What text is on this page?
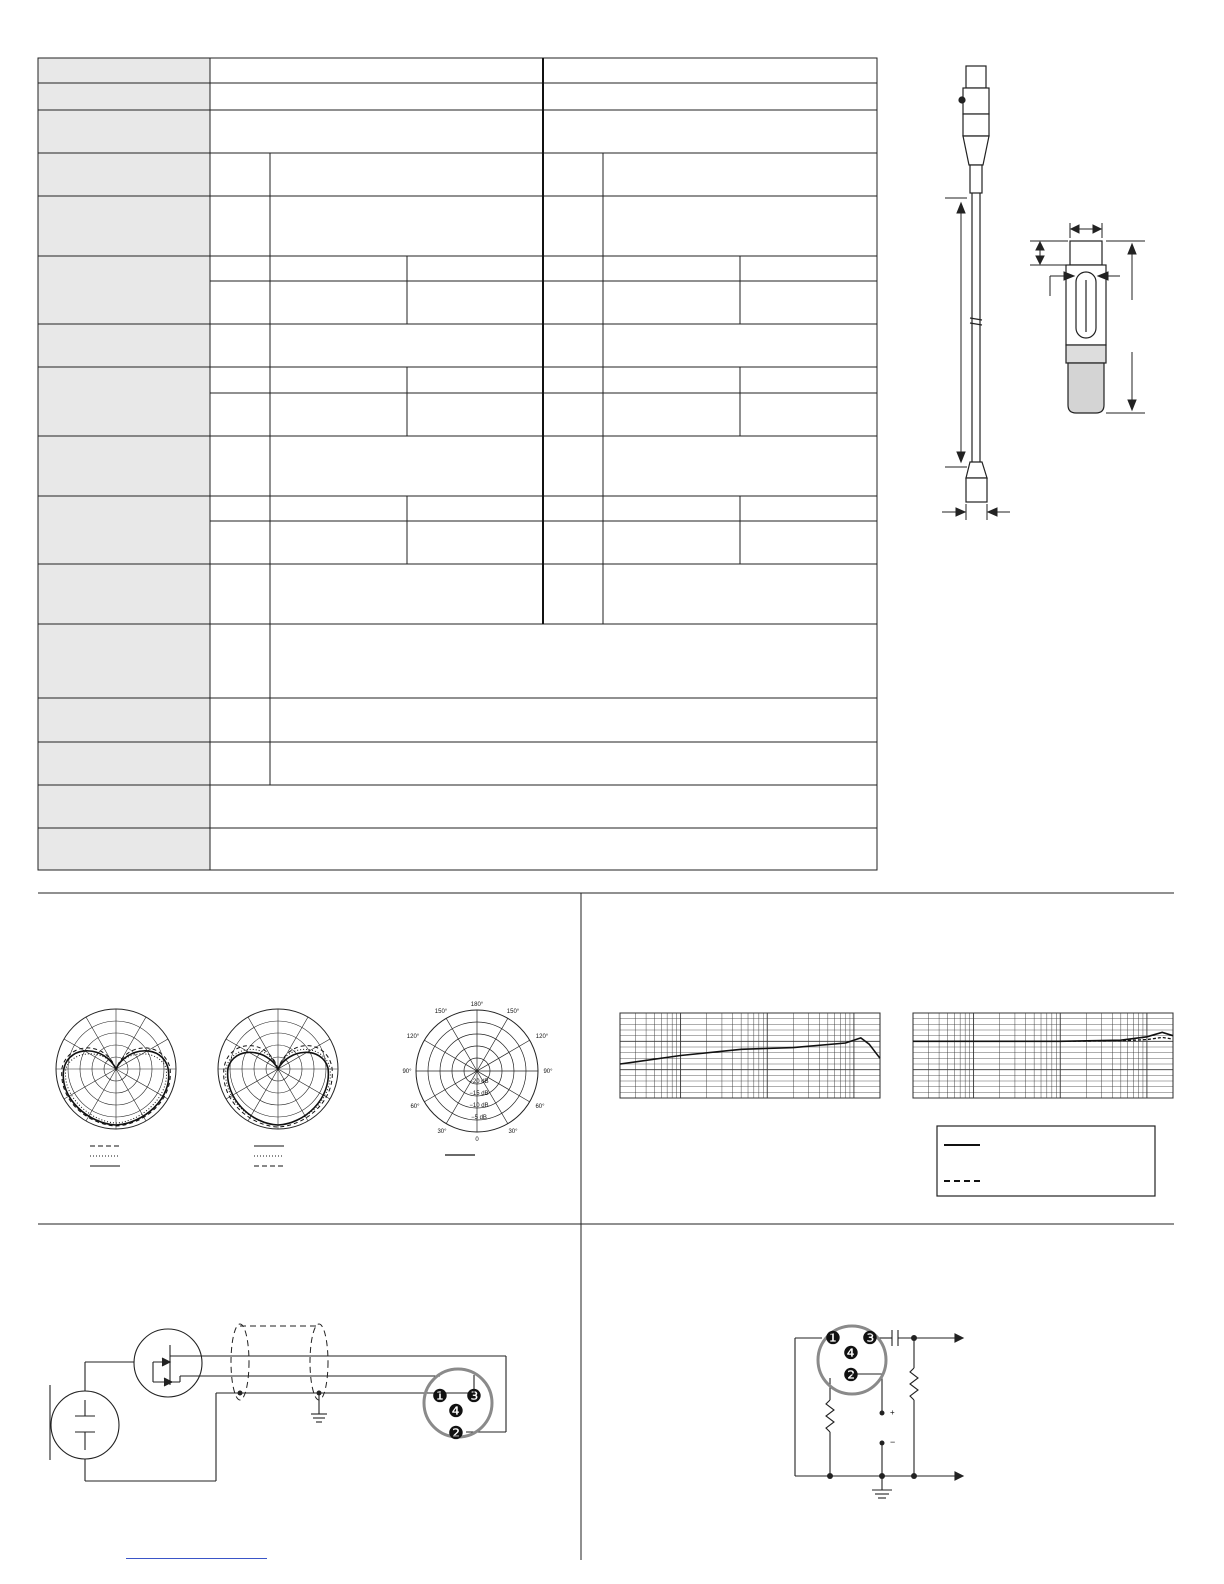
180°
150°	150°
120°	120°
90°	90°
60°	60°
30°	30°
0
−20 dB
−15 dB
−10 dB
−5 dB
❶
❹
❸
❷
+
−
❶
❹
❸
❷
